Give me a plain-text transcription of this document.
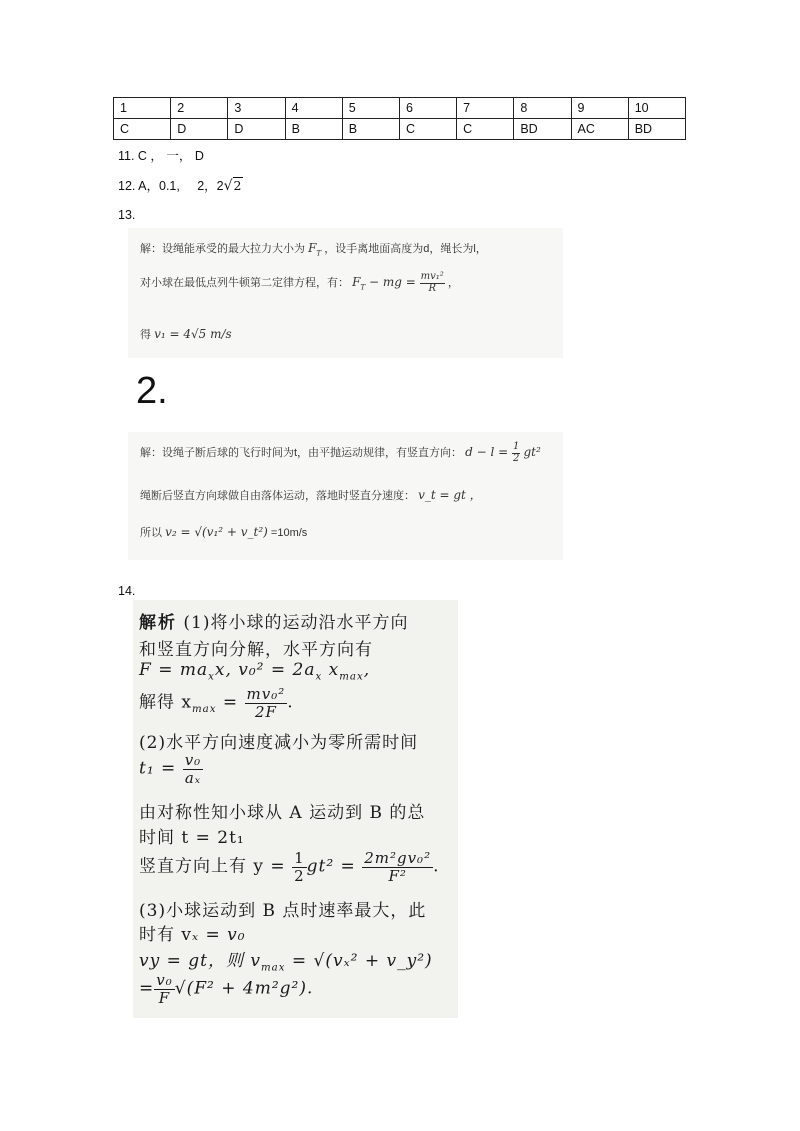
1	2	3	4	5	6	7	8	9	10
C	D	D	B	B	C	C	BD	AC	BD
11. C ， 一， D
12. A，0.1,     2，2√2
13.
解：设绳能承受的最大拉力大小为 $F_T$ ，设手离地面高度为d，绳长为l，
对小球在最低点列牛顿第二定律方程，有： $F_T$ − mg = $\frac{\text{mv₁²}}{R}$ ，
得 v₁ = 4√5 m/s
2.
解：设绳子断后球的飞行时间为t，由平抛运动规律，有竖直方向： $d - l = \frac{1}{2} gt^2$
绳断后竖直方向球做自由落体运动，落地时竖直分速度： v_t = gt ，
所以 v₂ = √(v₁² + v_t²) =10m/s
14.
解析 (1)将小球的运动沿水平方向
和竖直方向分解，水平方向有
$F = ma_xx$, $v_0^2 = 2a_x$ $x_{max}$,
解得 $x_{max} = \frac{\text{mv₀²}}{2F}$ .
(2)水平方向速度减小为零所需时间
$t_1 = \frac{\text{v₀}}{\text{aₓ}}$
由对称性知小球从 A 运动到 B 的总
时间 t = 2t₁
竖直方向上有 $y = \frac{1}{2} gt^2 = \frac{\text{2m²gv₀²}}{\text{F²}}$ .
(3)小球运动到 B 点时速率最大，此
时有 vₓ = v₀
vy = gt，则 $v_{max} = √(v_x^2$ + v_y²)
= $\frac{\text{v₀}}{F} √(F^2 + 4m^2g^2)$.
